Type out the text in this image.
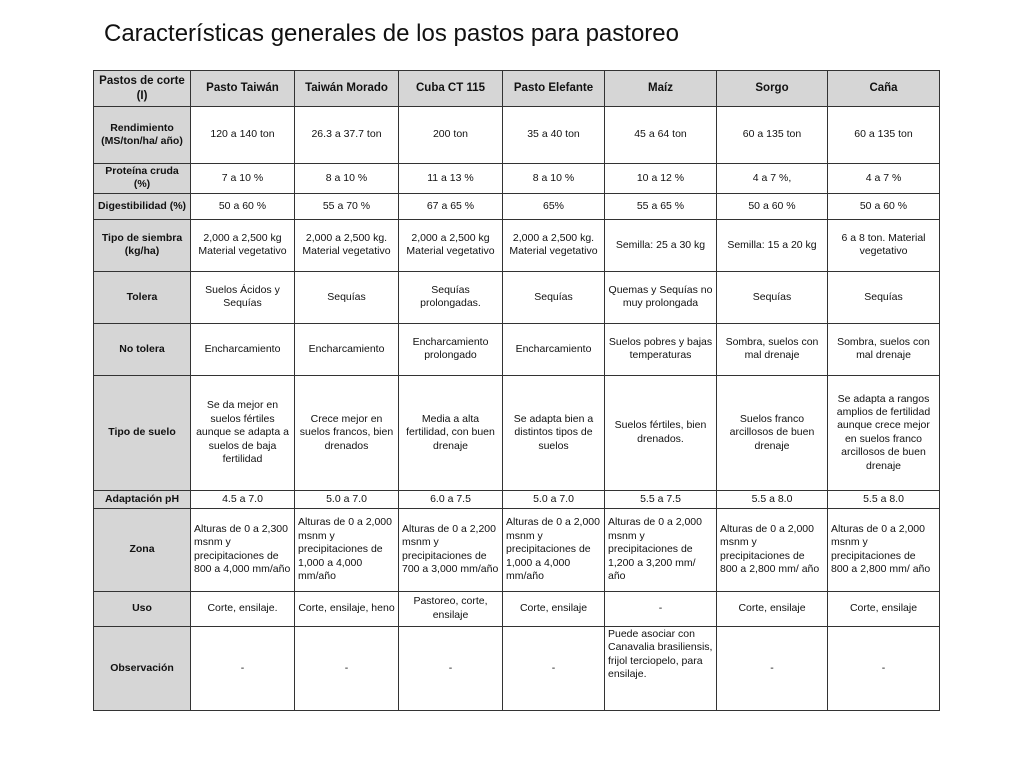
Características generales de los pastos para pastoreo
Pastos de corte (I)	Pasto Taiwán	Taiwán Morado	Cuba CT 115	Pasto Elefante	Maíz	Sorgo	Caña
Rendimiento (MS/ton/ha/ año)	120 a 140 ton	26.3 a 37.7 ton	200 ton	35 a 40 ton	45 a 64 ton	60 a 135 ton	60 a 135 ton
Proteína cruda (%)	7 a 10 %	8 a 10 %	11 a 13 %	8 a 10 %	10 a 12 %	4 a 7 %,	4 a 7 %
Digestibilidad (%)	50 a 60 %	55 a 70 %	67 a 65 %	65%	55 a 65 %	50 a 60 %	50 a 60 %
Tipo de siembra (kg/ha)	2,000 a 2,500 kg Material vegetativo	2,000 a 2,500 kg. Material vegetativo	2,000 a 2,500 kg Material vegetativo	2,000 a 2,500 kg. Material vegetativo	Semilla: 25 a 30 kg	Semilla: 15 a 20 kg	6 a 8 ton. Material vegetativo
Tolera	Suelos Ácidos y Sequías	Sequías	Sequías prolongadas.	Sequías	Quemas y Sequías no muy prolongada	Sequías	Sequías
No tolera	Encharcamiento	Encharcamiento	Encharcamiento prolongado	Encharcamiento	Suelos pobres y bajas temperaturas	Sombra, suelos con mal drenaje	Sombra, suelos con mal drenaje
Tipo de suelo	Se da mejor en suelos fértiles aunque se adapta a suelos de baja fertilidad	Crece mejor en suelos francos, bien drenados	Media a alta fertilidad, con buen drenaje	Se adapta bien a distintos tipos de suelos	Suelos fértiles, bien drenados.	Suelos franco arcillosos de buen drenaje	Se adapta a rangos amplios de fertilidad aunque crece mejor en suelos franco arcillosos de buen drenaje
Adaptación pH	4.5 a 7.0	5.0 a 7.0	6.0 a 7.5	5.0 a 7.0	5.5 a 7.5	5.5 a 8.0	5.5 a 8.0
Zona	Alturas de 0 a 2,300 msnm y precipitaciones de 800 a 4,000 mm/año	Alturas de 0 a 2,000 msnm y precipitaciones de 1,000 a 4,000 mm/año	Alturas de 0 a 2,200 msnm y precipitaciones de 700 a 3,000 mm/año	Alturas de 0 a 2,000 msnm y precipitaciones de 1,000 a 4,000 mm/año	Alturas de 0 a 2,000 msnm y precipitaciones de 1,200 a 3,200 mm/ año	Alturas de 0 a 2,000 msnm y precipitaciones de 800 a 2,800 mm/ año	Alturas de 0 a 2,000 msnm y precipitaciones de 800 a 2,800 mm/ año
Uso	Corte, ensilaje.	Corte, ensilaje, heno	Pastoreo, corte, ensilaje	Corte, ensilaje	-	Corte, ensilaje	Corte, ensilaje
Observación	-	-	-	-	Puede asociar con Canavalia brasiliensis, frijol terciopelo, para ensilaje.	-	-
